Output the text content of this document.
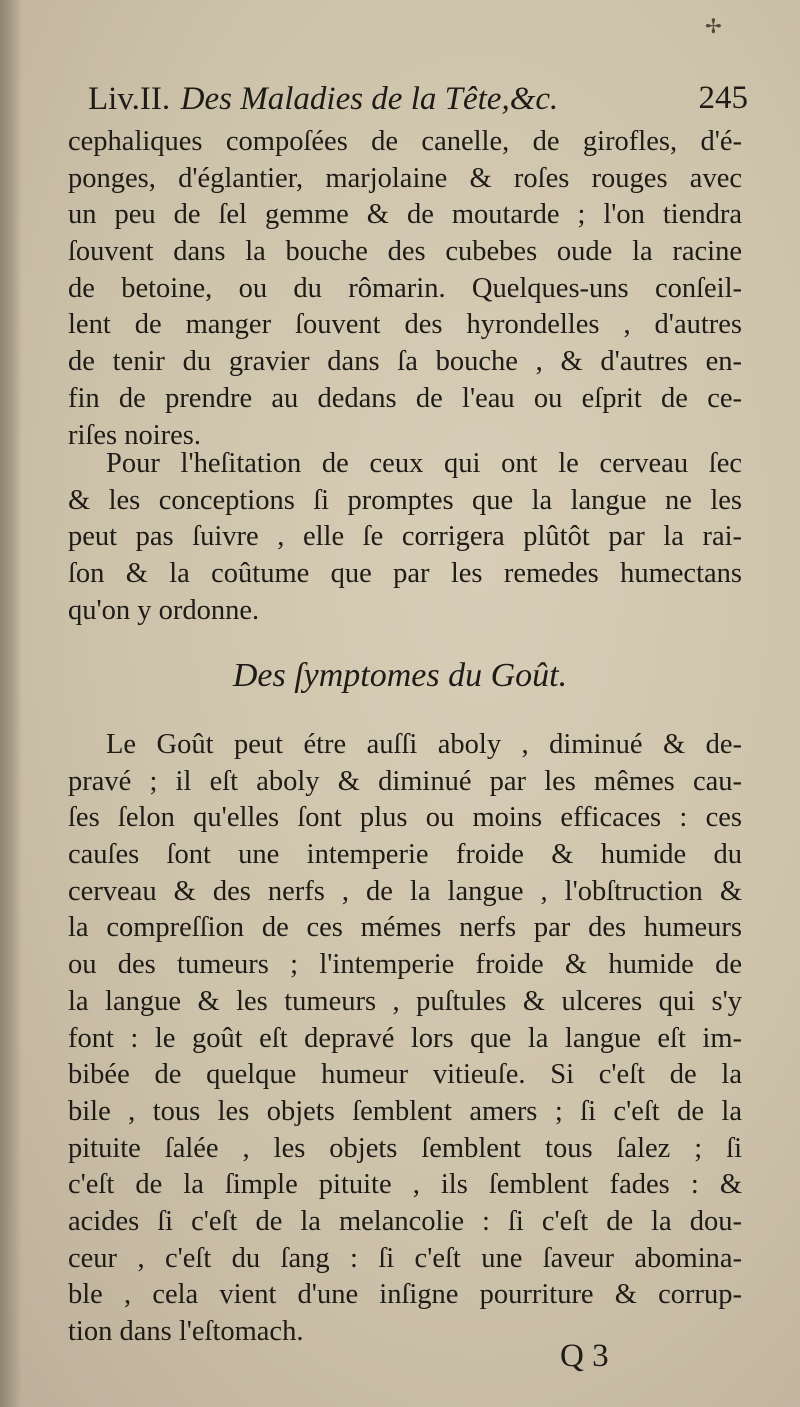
✢
Liv.II. Des Maladies de la Tête,&c.	245
cephaliques compoſées de canelle, de girofles, d'é-
ponges, d'églantier, marjolaine & roſes rouges avec
un peu de ſel gemme & de moutarde ; l'on tiendra
ſouvent dans la bouche des cubebes oude la racine
de betoine, ou du rômarin. Quelques-uns conſeil-
lent de manger ſouvent des hyrondelles , d'autres
de tenir du gravier dans ſa bouche , & d'autres en-
fin de prendre au dedans de l'eau ou eſprit de ce-
riſes noires.
Pour l'heſitation de ceux qui ont le cerveau ſec
& les conceptions ſi promptes que la langue ne les
peut pas ſuivre , elle ſe corrigera plûtôt par la rai-
ſon & la coûtume que par les remedes humectans
qu'on y ordonne.
Des ſymptomes du Goût.
Le Goût peut étre auſſi aboly , diminué & de-
pravé ; il eſt aboly & diminué par les mêmes cau-
ſes ſelon qu'elles ſont plus ou moins efficaces : ces
cauſes ſont une intemperie froide & humide du
cerveau & des nerfs , de la langue , l'obſtruction &
la compreſſion de ces mémes nerfs par des humeurs
ou des tumeurs ; l'intemperie froide & humide de
la langue & les tumeurs , puſtules & ulceres qui s'y
font : le goût eſt depravé lors que la langue eſt im-
bibée de quelque humeur vitieuſe. Si c'eſt de la
bile , tous les objets ſemblent amers ; ſi c'eſt de la
pituite ſalée , les objets ſemblent tous ſalez ; ſi
c'eſt de la ſimple pituite , ils ſemblent fades : &
acides ſi c'eſt de la melancolie : ſi c'eſt de la dou-
ceur , c'eſt du ſang : ſi c'eſt une ſaveur abomina-
ble , cela vient d'une inſigne pourriture & corrup-
tion dans l'eſtomach.
Q 3
